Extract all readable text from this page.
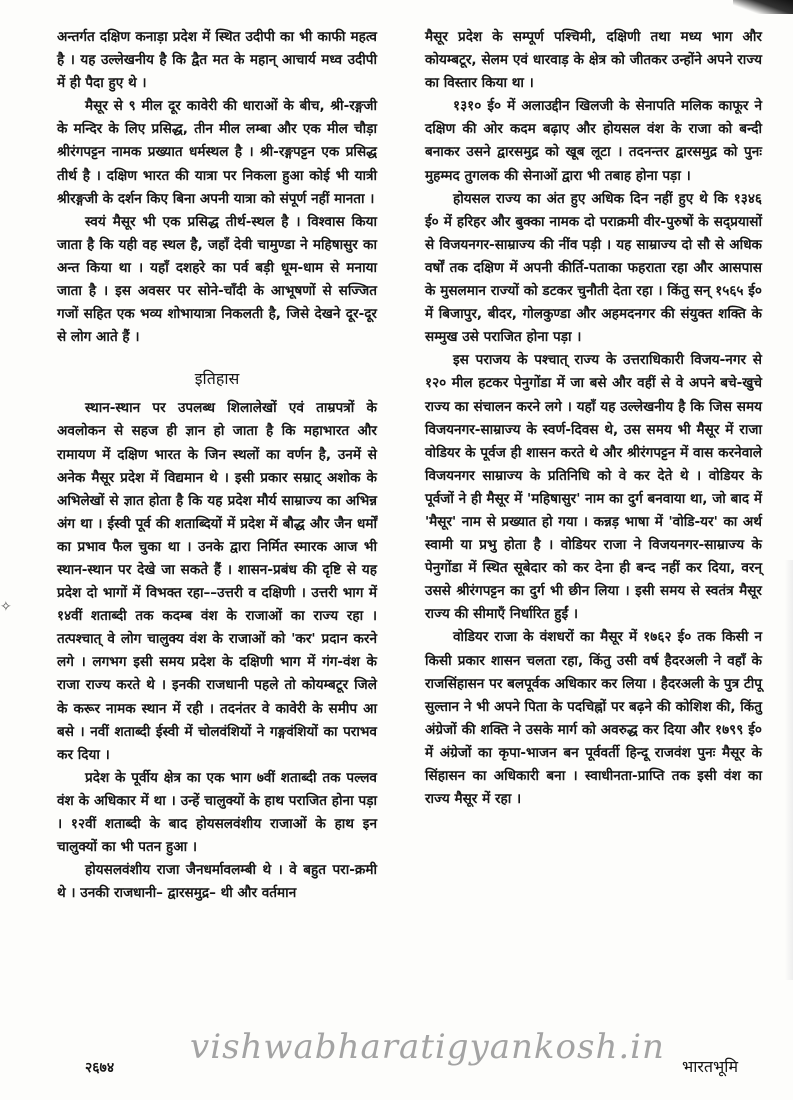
✧

अन्तर्गत दक्षिण कनाड़ा प्रदेश में स्थित उदीपी का भी काफी महत्व है । यह उल्लेखनीय है कि द्वैत मत के महान् आचार्य मध्व उदीपी में ही पैदा हुए थे ।

मैसूर से ९ मील दूर कावेरी की धाराओं के बीच, श्री-रङ्गजी के मन्दिर के लिए प्रसिद्ध, तीन मील लम्बा और एक मील चौड़ा श्रीरंगपट्टन नामक प्रख्यात धर्मस्थल है । श्री-रङ्गपट्टन एक प्रसिद्ध तीर्थ है । दक्षिण भारत की यात्रा पर निकला हुआ कोई भी यात्री श्रीरङ्गजी के दर्शन किए बिना अपनी यात्रा को संपूर्ण नहीं मानता ।

स्वयं मैसूर भी एक प्रसिद्ध तीर्थ-स्थल है । विश्वास किया जाता है कि यही वह स्थल है, जहाँ देवी चामुण्डा ने महिषासुर का अन्त किया था । यहाँ दशहरे का पर्व बड़ी धूम-धाम से मनाया जाता है । इस अवसर पर सोने-चाँदी के आभूषणों से सज्जित गजों सहित एक भव्य शोभायात्रा निकलती है, जिसे देखने दूर-दूर से लोग आते हैं ।

इतिहास

स्थान-स्थान पर उपलब्ध शिलालेखों एवं ताम्रपत्रों के अवलोकन से सहज ही ज्ञान हो जाता है कि महाभारत और रामायण में दक्षिण भारत के जिन स्थलों का वर्णन है, उनमें से अनेक मैसूर प्रदेश में विद्यमान थे । इसी प्रकार सम्राट् अशोक के अभिलेखों से ज्ञात होता है कि यह प्रदेश मौर्य साम्राज्य का अभिन्न अंग था । ईस्वी पूर्व की शताब्दियों में प्रदेश में बौद्ध और जैन धर्मों का प्रभाव फैल चुका था । उनके द्वारा निर्मित स्मारक आज भी स्थान-स्थान पर देखे जा सकते हैं । शासन-प्रबंध की दृष्टि से यह प्रदेश दो भागों में विभक्त रहा––उत्तरी व दक्षिणी । उत्तरी भाग में १४वीं शताब्दी तक कदम्ब वंश के राजाओं का राज्य रहा । तत्पश्चात् वे लोग चालुक्य वंश के राजाओं को 'कर' प्रदान करने लगे । लगभग इसी समय प्रदेश के दक्षिणी भाग में गंग-वंश के राजा राज्य करते थे । इनकी राजधानी पहले तो कोयम्बटूर जिले के करूर नामक स्थान में रही । तदनंतर वे कावेरी के समीप आ बसे । नवीं शताब्दी ईस्वी में चोलवंशियों ने गङ्गवंशियों का पराभव कर दिया ।

प्रदेश के पूर्वीय क्षेत्र का एक भाग ७वीं शताब्दी तक पल्लव वंश के अधिकार में था । उन्हें चालुक्यों के हाथ पराजित होना पड़ा । १२वीं शताब्दी के बाद होयसलवंशीय राजाओं के हाथ इन चालुक्यों का भी पतन हुआ ।

होयसलवंशीय राजा जैनधर्मावलम्बी थे । वे बहुत परा-क्रमी थे । उनकी राजधानी– द्वारसमुद्र– थी और वर्तमान

मैसूर प्रदेश के सम्पूर्ण पश्चिमी, दक्षिणी तथा मध्य भाग और कोयम्बटूर, सेलम एवं धारवाड़ के क्षेत्र को जीतकर उन्होंने अपने राज्य का विस्तार किया था ।

१३१० ई० में अलाउद्दीन खिलजी के सेनापति मलिक काफूर ने दक्षिण की ओर कदम बढ़ाए और होयसल वंश के राजा को बन्दी बनाकर उसने द्वारसमुद्र को खूब लूटा । तदनन्तर द्वारसमुद्र को पुनः मुहम्मद तुगलक की सेनाओं द्वारा भी तबाह होना पड़ा ।

होयसल राज्य का अंत हुए अधिक दिन नहीं हुए थे कि १३४६ ई० में हरिहर और बुक्का नामक दो पराक्रमी वीर-पुरुषों के सद्प्रयासों से विजयनगर-साम्राज्य की नींव पड़ी । यह साम्राज्य दो सौ से अधिक वर्षों तक दक्षिण में अपनी कीर्ति-पताका फहराता रहा और आसपास के मुसलमान राज्यों को डटकर चुनौती देता रहा । किंतु सन् १५६५ ई० में बिजापुर, बीदर, गोलकुण्डा और अहमदनगर की संयुक्त शक्ति के सम्मुख उसे पराजित होना पड़ा ।

इस पराजय के पश्चात् राज्य के उत्तराधिकारी विजय-नगर से १२० मील हटकर पेनुगोंडा में जा बसे और वहीं से वे अपने बचे-खुचे राज्य का संचालन करने लगे । यहाँ यह उल्लेखनीय है कि जिस समय विजयनगर-साम्राज्य के स्वर्ण-दिवस थे, उस समय भी मैसूर में राजा वोडियर के पूर्वज ही शासन करते थे और श्रीरंगपट्टन में वास करनेवाले विजयनगर साम्राज्य के प्रतिनिधि को वे कर देते थे । वोडियर के पूर्वजों ने ही मैसूर में 'महिषासुर' नाम का दुर्ग बनवाया था, जो बाद में 'मैसूर' नाम से प्रख्यात हो गया । कन्नड़ भाषा में 'वोडि-यर' का अर्थ स्वामी या प्रभु होता है । वोडियर राजा ने विजयनगर-साम्राज्य के पेनुगोंडा में स्थित सूबेदार को कर देना ही बन्द नहीं कर दिया, वरन् उससे श्रीरंगपट्टन का दुर्ग भी छीन लिया । इसी समय से स्वतंत्र मैसूर राज्य की सीमाएँ निर्धारित हुईं ।

वोडियर राजा के वंशधरों का मैसूर में १७६२ ई० तक किसी न किसी प्रकार शासन चलता रहा, किंतु उसी वर्ष हैदरअली ने वहाँ के राजसिंहासन पर बलपूर्वक अधिकार कर लिया । हैदरअली के पुत्र टीपू सुल्तान ने भी अपने पिता के पदचिह्नों पर बढ़ने की कोशिश की, किंतु अंग्रेजों की शक्ति ने उसके मार्ग को अवरुद्ध कर दिया और १७९९ ई० में अंग्रेजों का कृपा-भाजन बन पूर्ववर्ती हिन्दू राजवंश पुनः मैसूर के सिंहासन का अधिकारी बना । स्वाधीनता-प्राप्ति तक इसी वंश का राज्य मैसूर में रहा ।

vishwabharatigyankosh.in
२६७४	भारतभूमि
